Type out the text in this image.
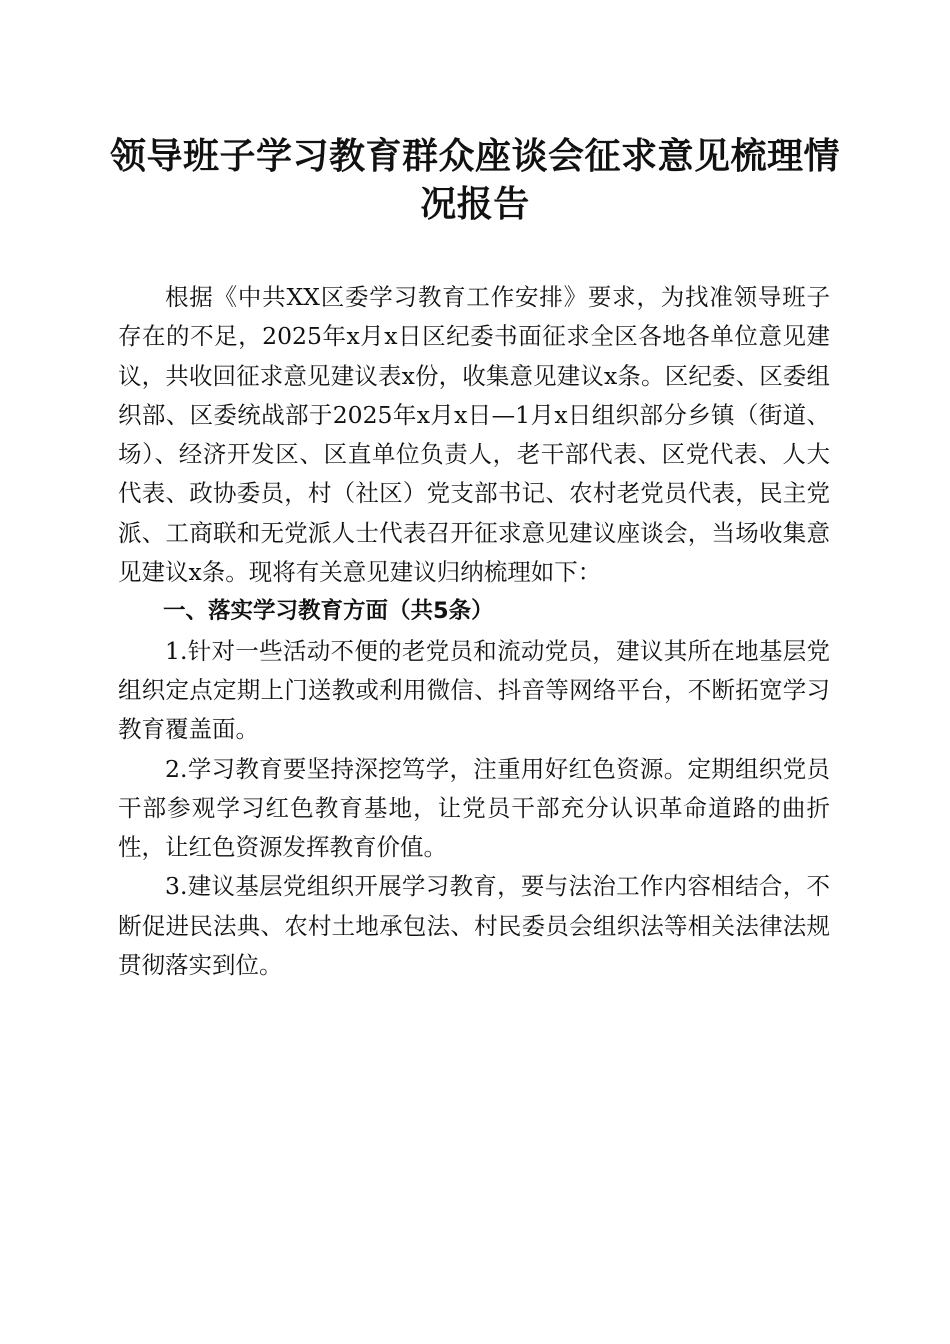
领导班子学习教育群众座谈会征求意见梳理情况报告

根据《中共XX区委学习教育工作安排》要求，为找准领导班子存在的不足，2025年x月x日区纪委书面征求全区各地各单位意见建议，共收回征求意见建议表x份，收集意见建议x条。区纪委、区委组织部、区委统战部于2025年x月x日—1月x日组织部分乡镇（街道、场）、经济开发区、区直单位负责人，老干部代表、区党代表、人大代表、政协委员，村（社区）党支部书记、农村老党员代表，民主党派、工商联和无党派人士代表召开征求意见建议座谈会，当场收集意见建议x条。现将有关意见建议归纳梳理如下：

一、落实学习教育方面（共5条）

1.针对一些活动不便的老党员和流动党员，建议其所在地基层党组织定点定期上门送教或利用微信、抖音等网络平台，不断拓宽学习教育覆盖面。

2.学习教育要坚持深挖笃学，注重用好红色资源。定期组织党员干部参观学习红色教育基地，让党员干部充分认识革命道路的曲折性，让红色资源发挥教育价值。

3.建议基层党组织开展学习教育，要与法治工作内容相结合，不断促进民法典、农村土地承包法、村民委员会组织法等相关法律法规贯彻落实到位。
